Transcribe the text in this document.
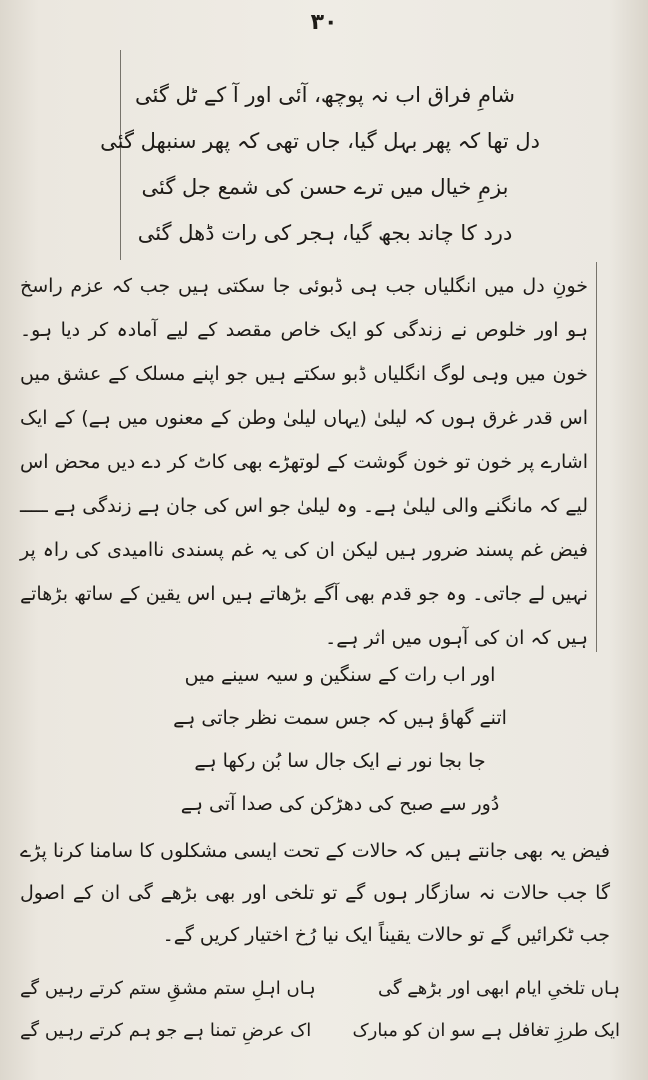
۳۰
شامِ فراق اب نہ پوچھ، آئی اور آ کے ٹل گئی
دل تھا کہ پھر بہل گیا، جاں تھی کہ پھر سنبھل گئی
بزمِ خیال میں ترے حسن کی شمع جل گئی
درد کا چاند بجھ گیا، ہجر کی رات ڈھل گئی

خونِ دل میں انگلیاں جب ہی ڈبوئی جا سکتی ہیں جب کہ عزم راسخ ہو اور خلوص نے زندگی کو ایک خاص مقصد کے لیے آمادہ کر دیا ہو۔ خون میں وہی لوگ انگلیاں ڈبو سکتے ہیں جو اپنے مسلک کے عشق میں اس قدر غرق ہوں کہ لیلیٰ (یہاں لیلیٰ وطن کے معنوں میں ہے) کے ایک اشارے پر خون تو خون گوشت کے لوتھڑے بھی کاٹ کر دے دیں محض اس لیے کہ مانگنے والی لیلیٰ ہے۔ وہ لیلیٰ جو اس کی جان ہے زندگی ہے ـــــ فیض غم پسند ضرور ہیں لیکن ان کی یہ غم پسندی ناامیدی کی راہ پر نہیں لے جاتی۔ وہ جو قدم بھی آگے بڑھاتے ہیں اس یقین کے ساتھ بڑھاتے ہیں کہ ان کی آہوں میں اثر ہے۔

اور اب رات کے سنگین و سیہ سینے میں
اتنے گھاؤ ہیں کہ جس سمت نظر جاتی ہے
جا بجا نور نے ایک جال سا بُن رکھا ہے
دُور سے صبح کی دھڑکن کی صدا آتی ہے

فیض یہ بھی جانتے ہیں کہ حالات کے تحت ایسی مشکلوں کا سامنا کرنا پڑے گا جب حالات نہ سازگار ہوں گے تو تلخی اور بھی بڑھے گی ان کے اصول جب ٹکرائیں گے تو حالات یقیناً ایک نیا رُخ اختیار کریں گے۔

ہاں تلخیِ ایام ابھی اور بڑھے گی
ہاں اہلِ ستم مشقِ ستم کرتے رہیں گے
ایک طرزِ تغافل ہے سو ان کو مبارک
اک عرضِ تمنا ہے جو ہم کرتے رہیں گے
